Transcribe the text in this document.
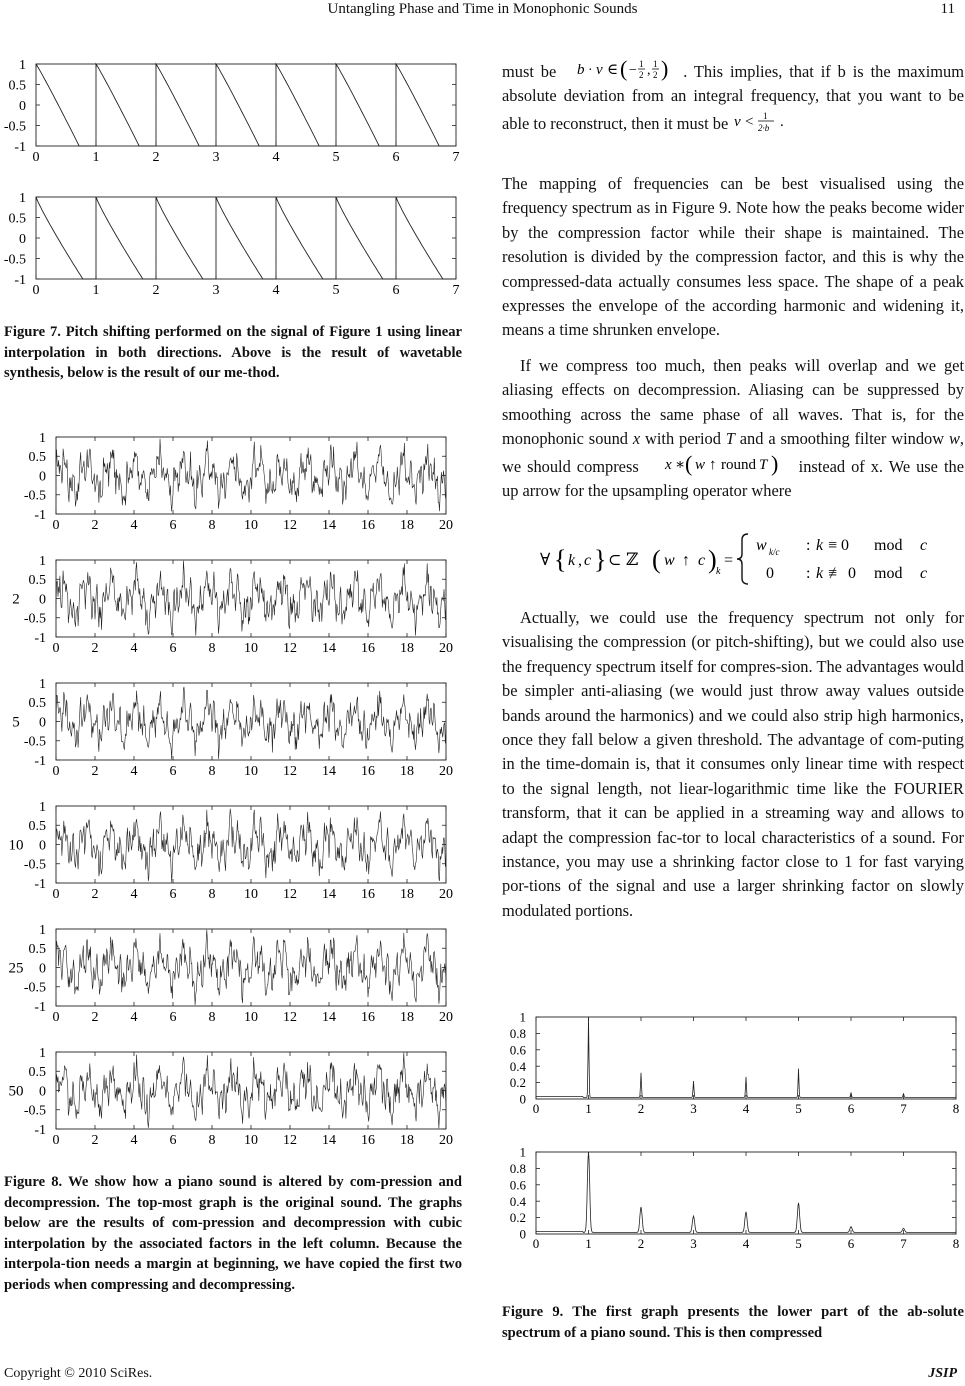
Untangling Phase and Time in Monophonic Sounds	11
0	1	2	3	4	5	6	7
1
0.5
0
-0.5
-1
0	1	2	3	4	5	6	7
1
0.5
0
-0.5
-1
Figure 7. Pitch shifting performed on the signal of Figure 1 using linear interpolation in both directions. Above is the result of wavetable synthesis, below is the result of our me-thod.
0 2 4 6 8 10 12 14 16 18 20
1
0.5
0
-0.5
-1
0 2 4 6 8 10 12 14 16 18 20
1
0.5
0
-0.5
-1
2
0 2 4 6 8 10 12 14 16 18 20
1
0.5
0
-0.5
-1
5
0 2 4 6 8 10 12 14 16 18 20
1
0.5
0
-0.5
-1
10
0 2 4 6 8 10 12 14 16 18 20
1
0.5
0
-0.5
-1
25
0 2 4 6 8 10 12 14 16 18 20
1
0.5
0
-0.5
-1
50
Figure 8. We show how a piano sound is altered by com-pression and decompression. The top-most graph is the original sound. The graphs below are the results of com-pression and decompression with cubic interpolation by the associated factors in the left column. Because the interpola-tion needs a margin at beginning, we have copied the first two periods when compressing and decompressing.
must be b · v ∈ ( − 1
2 , 1
2 ) . This implies, that if b is the maximum absolute deviation from an integral frequency, that you want to be able to reconstruct, then it must be v < 1
2·b .
The mapping of frequencies can be best visualised using the frequency spectrum as in Figure 9. Note how the peaks become wider by the compression factor while their shape is maintained. The resolution is divided by the compression factor, and this is why the compressed-data actually consumes less space. The shape of a peak expresses the envelope of the according harmonic and widening it, means a time shrunken envelope.
If we compress too much, then peaks will overlap and we get aliasing effects on decompression. Aliasing can be suppressed by smoothing across the same phase of all waves. That is, for the monophonic sound x with period T and a smoothing filter window w, we should compress x ∗ ( w ↑ round T ) instead of x. We use the up arrow for the upsampling operator where
∀ { k , c } ⊂ ℤ ( w ↑ c ) k
=
w k/c : k ≡ 0 mod c
0 : k ≢ 0 mod c
Actually, we could use the frequency spectrum not only for visualising the compression (or pitch-shifting), but we could also use the frequency spectrum itself for compres-sion. The advantages would be simpler anti-aliasing (we would just throw away values outside bands around the harmonics) and we could also strip high harmonics, once they fall below a given threshold. The advantage of com-puting in the time-domain is, that it consumes only linear time with respect to the signal length, not liear-logarithmic time like the FOURIER transform, that it can be applied in a streaming way and allows to adapt the compression fac-tor to local characteristics of a sound. For instance, you may use a shrinking factor close to 1 for fast varying por-tions of the signal and use a larger shrinking factor on slowly modulated portions.
0	1	2	3	4	5	6	7	8
1
0.8
0.6
0.4
0.2
0
0	1	2	3	4	5	6	7	8
1
0.8
0.6
0.4
0.2
0
Figure 9. The first graph presents the lower part of the ab-solute spectrum of a piano sound. This is then compressed
Copyright © 2010 SciRes.	JSIP
